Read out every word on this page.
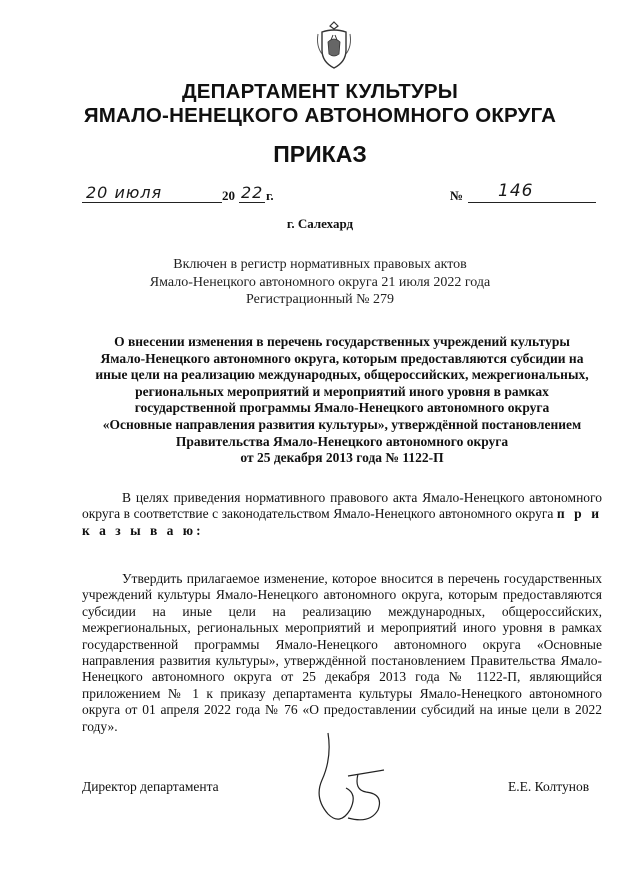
ДЕПАРТАМЕНТ КУЛЬТУРЫ
ЯМАЛО-НЕНЕЦКОГО АВТОНОМНОГО ОКРУГА
ПРИКАЗ
20 июля	20 22 г.	№ 146
г. Салехард
Включен в регистр нормативных правовых актов
Ямало-Ненецкого автономного округа 21 июля 2022 года
Регистрационный № 279
О внесении изменения в перечень государственных учреждений культуры
Ямало-Ненецкого автономного округа, которым предоставляются субсидии на
иные цели на реализацию международных, общероссийских, межрегиональных,
региональных мероприятий и мероприятий иного уровня в рамках
государственной программы Ямало-Ненецкого автономного округа
«Основные направления развития культуры», утверждённой постановлением
Правительства Ямало-Ненецкого автономного округа
от 25 декабря 2013 года № 1122-П

В целях приведения нормативного правового акта Ямало-Ненецкого автономного округа в соответствие с законодательством Ямало-Ненецкого автономного округа п р и к а з ы в а ю:

Утвердить прилагаемое изменение, которое вносится в перечень государственных учреждений культуры Ямало-Ненецкого автономного округа, которым предоставляются субсидии на иные цели на реализацию международных, общероссийских, межрегиональных, региональных мероприятий и мероприятий иного уровня в рамках государственной программы Ямало-Ненецкого автономного округа «Основные направления развития культуры», утверждённой постановлением Правительства Ямало-Ненецкого автономного округа от 25 декабря 2013 года № 1122-П, являющийся приложением № 1 к приказу департамента культуры Ямало-Ненецкого автономного округа от 01 апреля 2022 года № 76 «О предоставлении субсидий на иные цели в 2022 году».

Директор департамента	Е.Е. Колтунов
